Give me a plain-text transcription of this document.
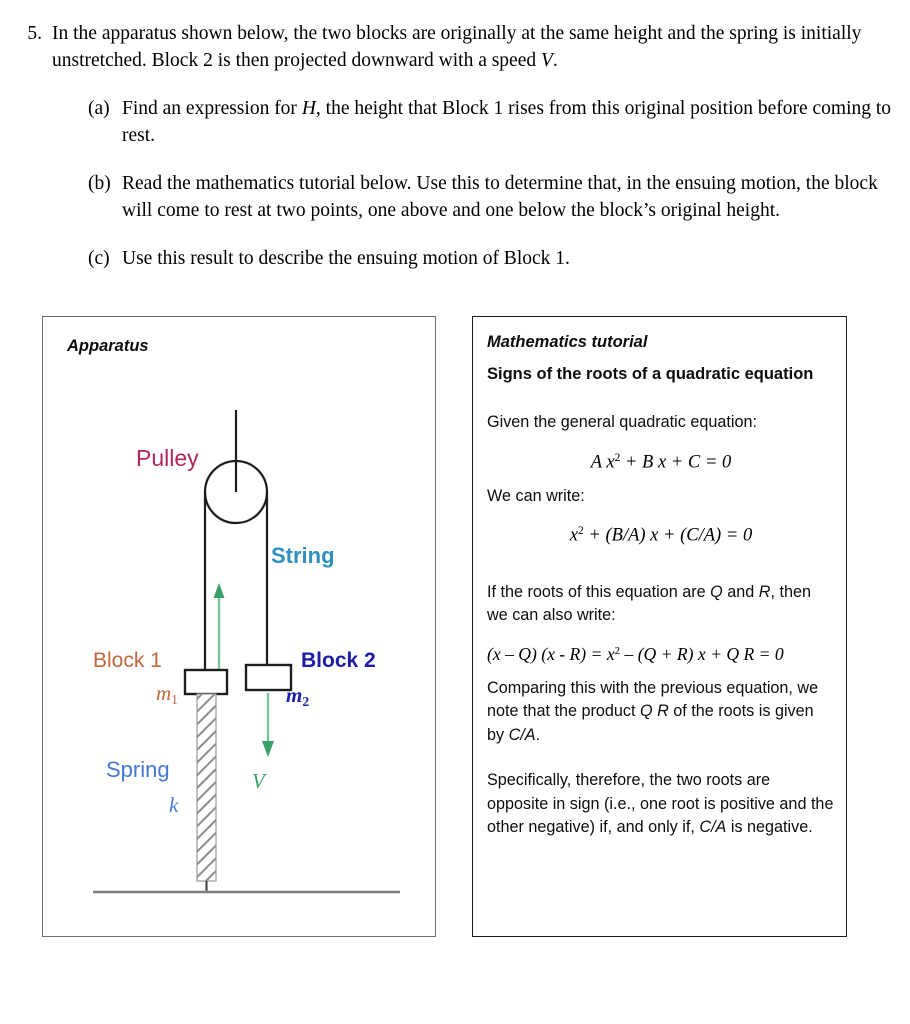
5. In the apparatus shown below, the two blocks are originally at the same height and the spring is initially unstretched. Block 2 is then projected downward with a speed V.
(a) Find an expression for H, the height that Block 1 rises from this original position before coming to rest.
(b) Read the mathematics tutorial below. Use this to determine that, in the ensuing motion, the block will come to rest at two points, one above and one below the block’s original height.
(c) Use this result to describe the ensuing motion of Block 1.
Apparatus
Pulley
String
Block 1
$m_1$
Block 2
$m_2$
Spring
k
V
Mathematics tutorial
Signs of the roots of a quadratic equation
Given the general quadratic equation:
A $x^2 + B$ x + C = 0
We can write:
$x^2 + (B/A) x + (C/A) = 0$
If the roots of this equation are Q and R, then we can also write:
(x – Q) $(x - R) = x^2 - (Q + R) x + Q$ R = 0
Comparing this with the previous equation, we note that the product Q R of the roots is given by C/A.
Specifically, therefore, the two roots are opposite in sign (i.e., one root is positive and the other negative) if, and only if, C/A is negative.
